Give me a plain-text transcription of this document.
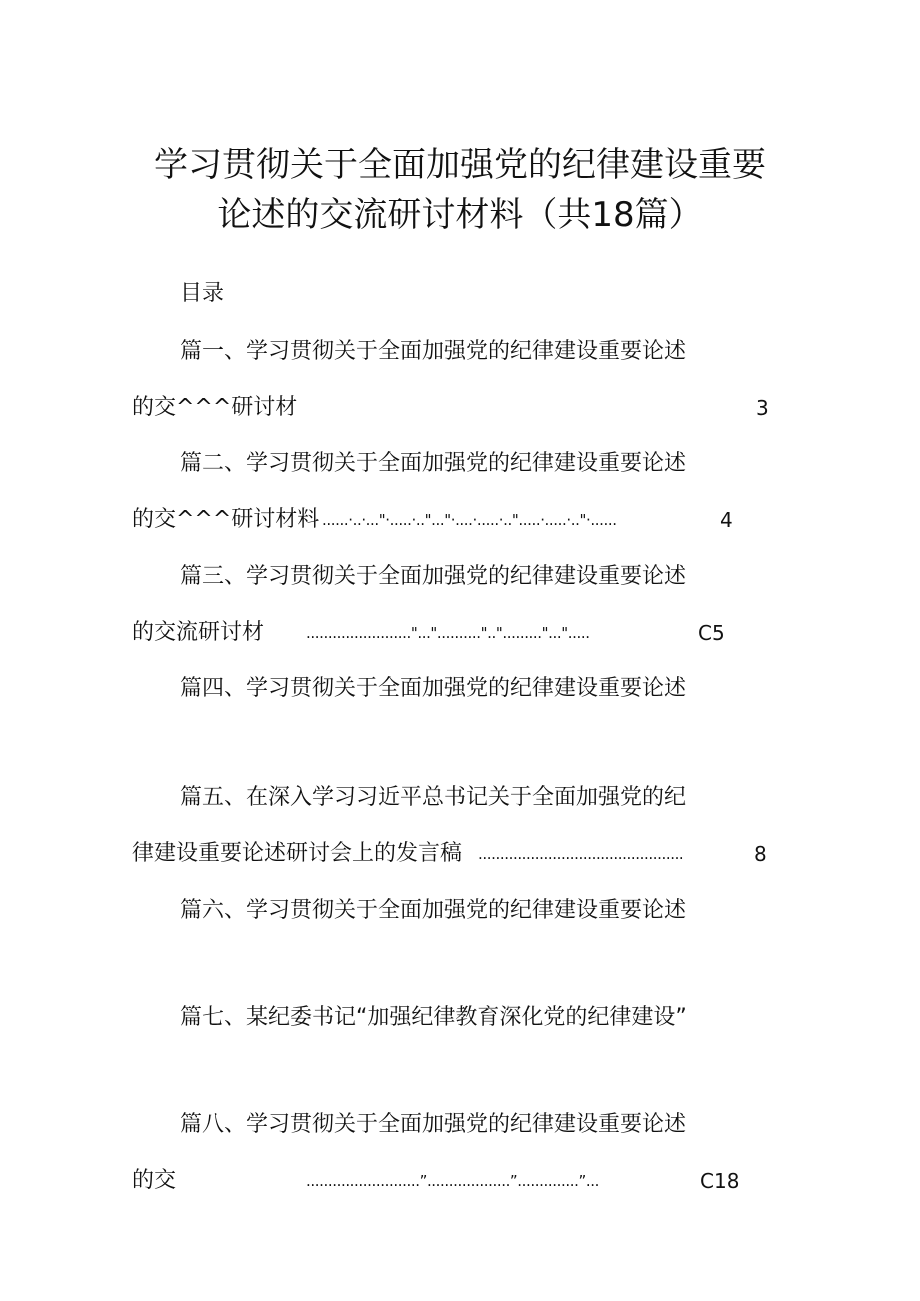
学习贯彻关于全面加强党的纪律建设重要
论述的交流研讨材料（共18篇）
目录
篇一、学习贯彻关于全面加强党的纪律建设重要论述
的交^^^研讨材	3
篇二、学习贯彻关于全面加强党的纪律建设重要论述
的交^^^研讨材料 ......·..·..."·.....·.."..."·....·.....·..".....·.....·.."·......	4
篇三、学习贯彻关于全面加强党的纪律建设重要论述
的交流研讨材	........................"..."..........".."........."...".....	C5
篇四、学习贯彻关于全面加强党的纪律建设重要论述
篇五、在深入学习习近平总书记关于全面加强党的纪
律建设重要论述研讨会上的发言稿 ...............................................	8
篇六、学习贯彻关于全面加强党的纪律建设重要论述
篇七、某纪委书记“加强纪律教育深化党的纪律建设”
篇八、学习贯彻关于全面加强党的纪律建设重要论述
的交	..........................”...................”..............”...	C18
